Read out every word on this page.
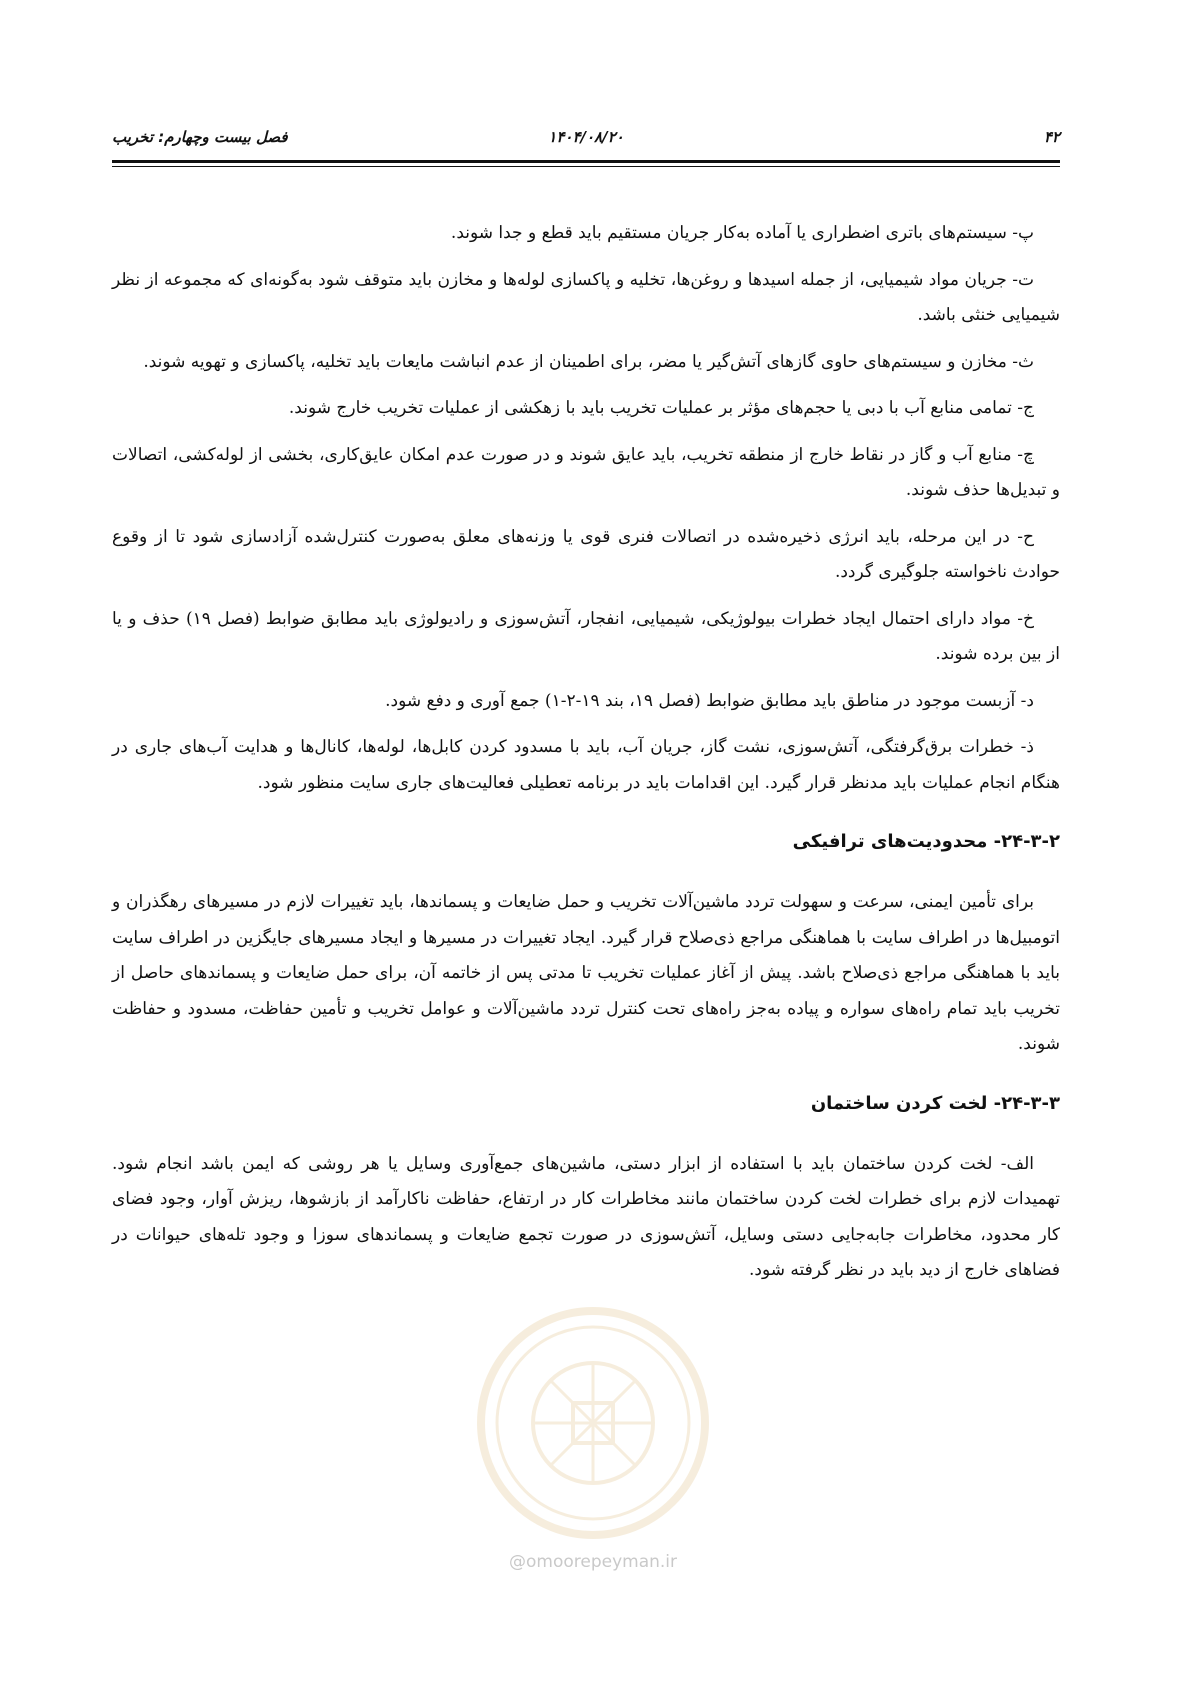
۴۲
۱۴۰۴/۰۸/۲۰
فصل بیست وچهارم: تخریب

پ- سیستم‌های باتری اضطراری یا آماده به‌کار جریان مستقیم باید قطع و جدا شوند.

ت- جریان مواد شیمیایی، از جمله اسیدها و روغن‌ها، تخلیه و پاکسازی لوله‌ها و مخازن باید متوقف شود به‌گونه‌ای که مجموعه از نظر شیمیایی خنثی باشد.

ث- مخازن و سیستم‌های حاوی گازهای آتش‌گیر یا مضر، برای اطمینان از عدم انباشت مایعات باید تخلیه، پاکسازی و تهویه شوند.

ج- تمامی منابع آب با دبی یا حجم‌های مؤثر بر عملیات تخریب باید با زهکشی از عملیات تخریب خارج شوند.

چ- منابع آب و گاز در نقاط خارج از منطقه تخریب، باید عایق شوند و در صورت عدم امکان عایق‌کاری، بخشی از لوله‌کشی، اتصالات و تبدیل‌ها حذف شوند.

ح- در این مرحله، باید انرژی ذخیره‌شده در اتصالات فنری قوی یا وزنه‌های معلق به‌صورت کنترل‌شده آزادسازی شود تا از وقوع حوادث ناخواسته جلوگیری گردد.

خ- مواد دارای احتمال ایجاد خطرات بیولوژیکی، شیمیایی، انفجار، آتش‌سوزی و رادیولوژی باید مطابق ضوابط (فصل ۱۹) حذف و یا از بین برده شوند.

د- آزبست موجود در مناطق باید مطابق ضوابط (فصل ۱۹، بند ۱۹-۲-۱) جمع آوری و دفع شود.

ذ- خطرات برق‌گرفتگی، آتش‌سوزی، نشت گاز، جریان آب، باید با مسدود کردن کابل‌ها، لوله‌ها، کانال‌ها و هدایت آب‌های جاری در هنگام انجام عملیات باید مدنظر قرار گیرد. این اقدامات باید در برنامه تعطیلی فعالیت‌های جاری سایت منظور شود.

۲۴-۳-۲- محدودیت‌های ترافیکی

برای تأمین ایمنی، سرعت و سهولت تردد ماشین‌آلات تخریب و حمل ضایعات و پسماندها، باید تغییرات لازم در مسیرهای رهگذران و اتومبیل‌ها در اطراف سایت با هماهنگی مراجع ذی‌صلاح قرار گیرد. ایجاد تغییرات در مسیرها و ایجاد مسیرهای جایگزین در اطراف سایت باید با هماهنگی مراجع ذی‌صلاح باشد. پیش از آغاز عملیات تخریب تا مدتی پس از خاتمه آن، برای حمل ضایعات و پسماندهای حاصل از تخریب باید تمام راه‌های سواره و پیاده به‌جز راه‌های تحت کنترل تردد ماشین‌آلات و عوامل تخریب و تأمین حفاظت، مسدود و حفاظت شوند.

۲۴-۳-۳- لخت کردن ساختمان

الف- لخت کردن ساختمان باید با استفاده از ابزار دستی، ماشین‌های جمع‌آوری وسایل یا هر روشی که ایمن باشد انجام شود. تهمیدات لازم برای خطرات لخت کردن ساختمان مانند مخاطرات کار در ارتفاع، حفاظت ناکارآمد از بازشوها، ریزش آوار، وجود فضای کار محدود، مخاطرات جابه‌جایی دستی وسایل، آتش‌سوزی در صورت تجمع ضایعات و پسماندهای سوزا و وجود تله‌های حیوانات در فضاهای خارج از دید باید در نظر گرفته شود.

@omoorepeyman.ir
